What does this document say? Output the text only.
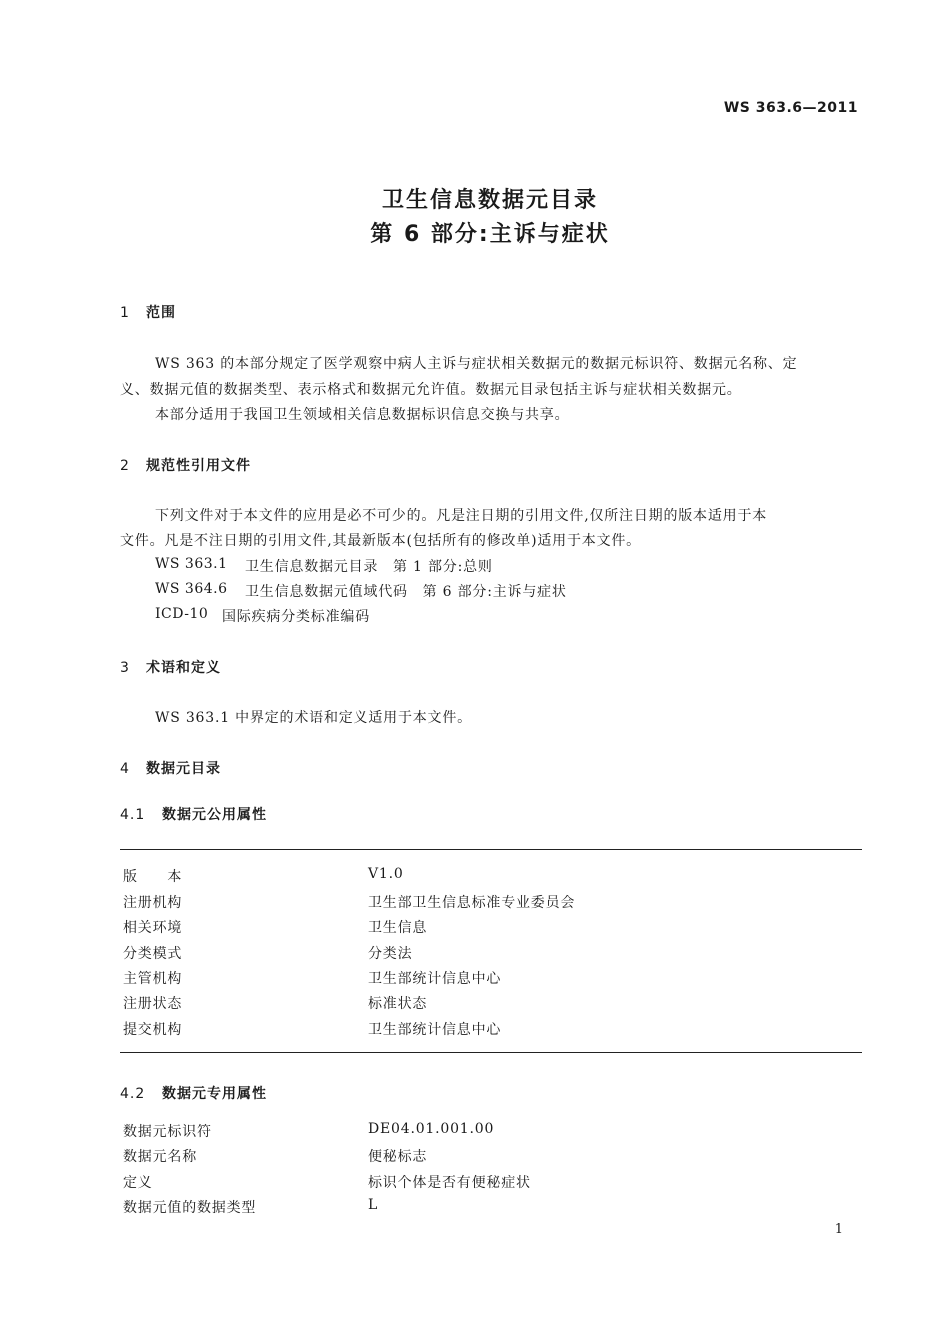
WS 363.6—2011
卫生信息数据元目录
第 6 部分:主诉与症状
1 范围
WS 363 的本部分规定了医学观察中病人主诉与症状相关数据元的数据元标识符、数据元名称、定
义、数据元值的数据类型、表示格式和数据元允许值。数据元目录包括主诉与症状相关数据元。
本部分适用于我国卫生领域相关信息数据标识信息交换与共享。
2 规范性引用文件
下列文件对于本文件的应用是必不可少的。凡是注日期的引用文件,仅所注日期的版本适用于本
文件。凡是不注日期的引用文件,其最新版本(包括所有的修改单)适用于本文件。
WS 363.1 卫生信息数据元目录　第 1 部分:总则
WS 364.6 卫生信息数据元值域代码　第 6 部分:主诉与症状
ICD-10 国际疾病分类标准编码
3 术语和定义
WS 363.1 中界定的术语和定义适用于本文件。
4 数据元目录
4.1 数据元公用属性
版　　本	V1.0
注册机构	卫生部卫生信息标准专业委员会
相关环境	卫生信息
分类模式	分类法
主管机构	卫生部统计信息中心
注册状态	标准状态
提交机构	卫生部统计信息中心
4.2 数据元专用属性
数据元标识符	DE04.01.001.00
数据元名称	便秘标志
定义	标识个体是否有便秘症状
数据元值的数据类型	L
1
